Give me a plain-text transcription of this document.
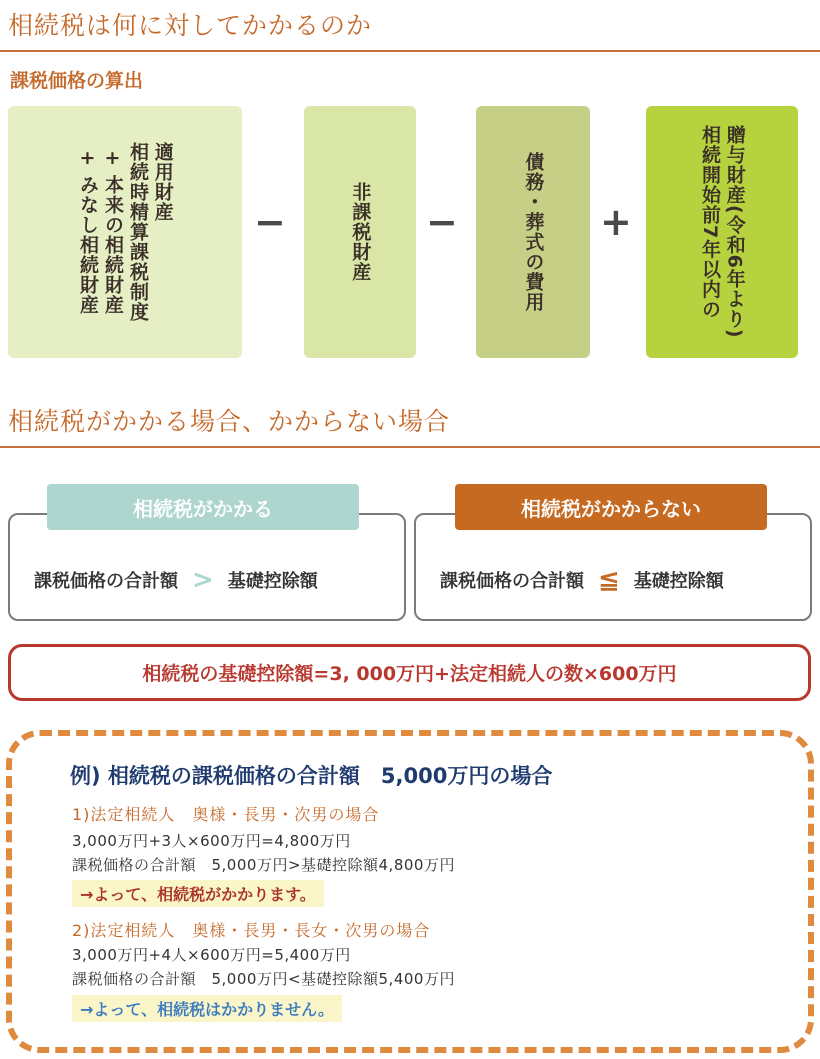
相続税は何に対してかかるのか
課税価格の算出
適用財産
相続時精算課税制度
+本来の相続財産
+みなし相続財産	−	非課税財産 −	債務・葬式の費用 +	贈与財産(令和6年より)
相続開始前7年以内の
相続税がかかる場合、かからない場合
相続税がかかる
課税価格の合計額 > 基礎控除額
相続税がかからない
課税価格の合計額 ≦ 基礎控除額
相続税の基礎控除額=3, 000万円+法定相続人の数×600万円
例) 相続税の課税価格の合計額　5,000万円の場合
1)法定相続人　奥様・長男・次男の場合
3,000万円+3人×600万円=4,800万円
課税価格の合計額　5,000万円>基礎控除額4,800万円
→よって、相続税がかかります。
2)法定相続人　奥様・長男・長女・次男の場合
3,000万円+4人×600万円=5,400万円
課税価格の合計額　5,000万円<基礎控除額5,400万円
→よって、相続税はかかりません。
